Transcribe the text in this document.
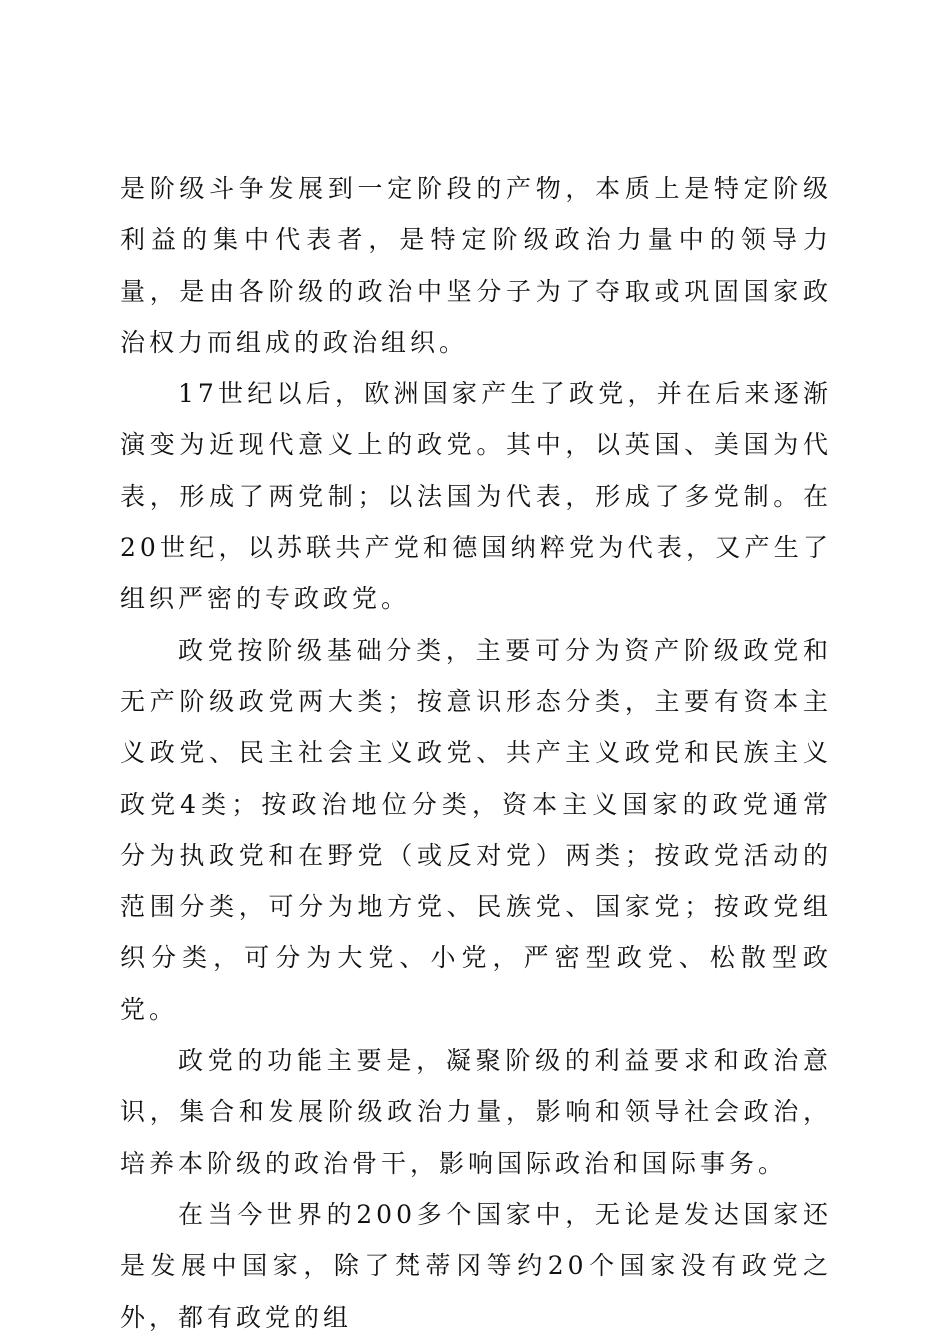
是阶级斗争发展到一定阶段的产物，本质上是特定阶级利益的集中代表者，是特定阶级政治力量中的领导力量，是由各阶级的政治中坚分子为了夺取或巩固国家政治权力而组成的政治组织。

17世纪以后，欧洲国家产生了政党，并在后来逐渐演变为近现代意义上的政党。其中，以英国、美国为代表，形成了两党制；以法国为代表，形成了多党制。在20世纪，以苏联共产党和德国纳粹党为代表，又产生了组织严密的专政政党。

政党按阶级基础分类，主要可分为资产阶级政党和无产阶级政党两大类；按意识形态分类，主要有资本主义政党、民主社会主义政党、共产主义政党和民族主义政党4类；按政治地位分类，资本主义国家的政党通常分为执政党和在野党（或反对党）两类；按政党活动的范围分类，可分为地方党、民族党、国家党；按政党组织分类，可分为大党、小党，严密型政党、松散型政党。

政党的功能主要是，凝聚阶级的利益要求和政治意识，集合和发展阶级政治力量，影响和领导社会政治，培养本阶级的政治骨干，影响国际政治和国际事务。

在当今世界的200多个国家中，无论是发达国家还是发展中国家，除了梵蒂冈等约20个国家没有政党之外，都有政党的组
